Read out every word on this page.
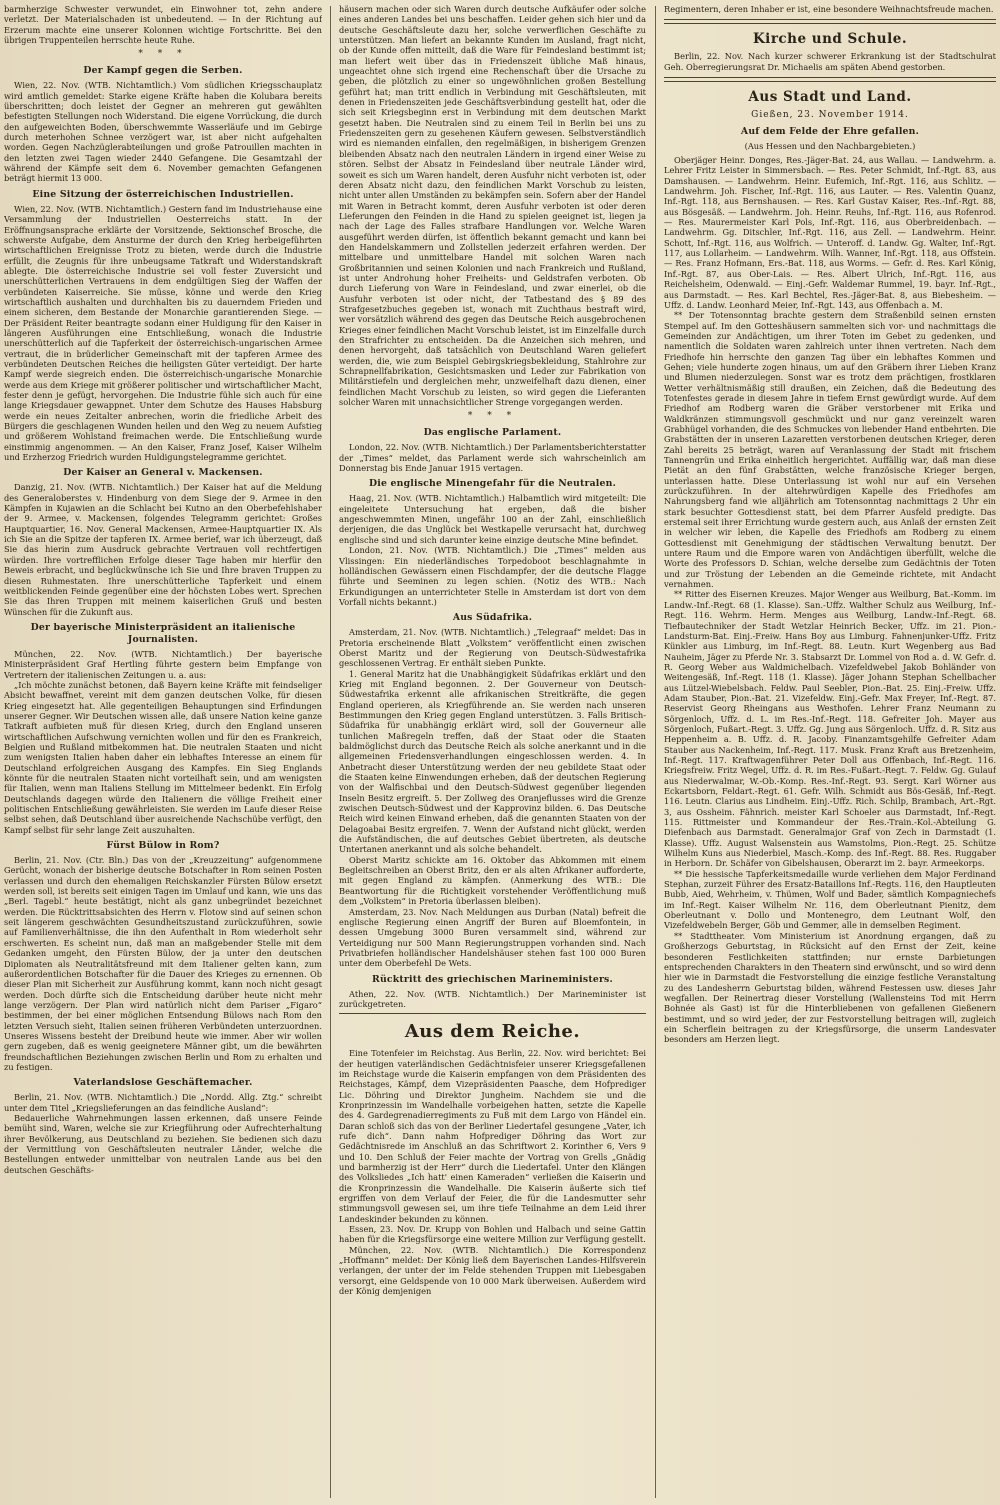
barmherzige Schwester verwundet, ein Einwohner tot, zehn andere verletzt. Der Materialschaden ist unbedeutend. — In der Richtung auf Erzerum machte eine unserer Kolonnen wichtige Fortschritte. Bei den übrigen Truppenteilen herrschte heute Ruhe.

* * *
Der Kampf gegen die Serben.

Wien, 22. Nov. (WTB. Nichtamtlich.) Vom südlichen Kriegsschauplatz wird amtlich gemeldet: Starke eigene Kräfte haben die Kolubara bereits überschritten; doch leistet der Gegner an mehreren gut gewählten befestigten Stellungen noch Widerstand. Die eigene Vorrückung, die durch den aufgeweichten Boden, überschwemmte Wasserläufe und im Gebirge durch meterhohen Schnee verzögert war, ist aber nicht aufgehalten worden. Gegen Nachzüglerabteilungen und große Patrouillen machten in den letzten zwei Tagen wieder 2440 Gefangene. Die Gesamtzahl der während der Kämpfe seit dem 6. November gemachten Gefangenen beträgt hiermit 13 000.

Eine Sitzung der österreichischen Industriellen.

Wien, 22. Nov. (WTB. Nichtamtlich.) Gestern fand im Industriehause eine Versammlung der Industriellen Oesterreichs statt. In der Eröffnungsansprache erklärte der Vorsitzende, Sektionschef Brosche, die schwerste Aufgabe, dem Ansturme der durch den Krieg herbeigeführten wirtschaftlichen Ereignisse Trotz zu bieten, werde durch die Industrie erfüllt, die Zeugnis für ihre unbeugsame Tatkraft und Widerstandskraft ablegte. Die österreichische Industrie sei voll fester Zuversicht und unerschütterlichen Vertrauens in dem endgültigen Sieg der Waffen der verbündeten Kaiserreiche. Sie müsse, könne und werde den Krieg wirtschaftlich aushalten und durchhalten bis zu dauerndem Frieden und einem sicheren, dem Bestande der Monarchie garantierenden Siege. — Der Präsident Reiter beantragte sodann einer Huldigung für den Kaiser in längeren Ausführungen eine Entschließung, wonach die Industrie unerschütterlich auf die Tapferkeit der österreichisch-ungarischen Armee vertraut, die in brüderlicher Gemeinschaft mit der tapferen Armee des verbündeten Deutschen Reiches die heiligsten Güter verteidigt. Der harte Kampf werde siegreich enden. Die österreichisch-ungarische Monarchie werde aus dem Kriege mit größerer politischer und wirtschaftlicher Macht, fester denn je gefügt, hervorgehen. Die Industrie fühle sich auch für eine lange Kriegsdauer gewappnet. Unter dem Schutze des Hauses Habsburg werde ein neues Zeitalter anbrechen, worin die friedliche Arbeit des Bürgers die geschlagenen Wunden heilen und den Weg zu neuem Aufstieg und größerem Wohlstand freimachen werde. Die Entschließung wurde einstimmig angenommen. — An den Kaiser, Franz Josef, Kaiser Wilhelm und Erzherzog Friedrich wurden Huldigungstelegramme gerichtet.

Der Kaiser an General v. Mackensen.

Danzig, 21. Nov. (WTB. Nichtamtlich.) Der Kaiser hat auf die Meldung des Generaloberstes v. Hindenburg von dem Siege der 9. Armee in den Kämpfen in Kujawien an die Schlacht bei Kutno an den Oberbefehlshaber der 9. Armee, v. Mackensen, folgendes Telegramm gerichtet: Großes Hauptquartier, 16. Nov. General Mackensen, Armee-Hauptquartier IX. Als ich Sie an die Spitze der tapferen IX. Armee berief, war ich überzeugt, daß Sie das hierin zum Ausdruck gebrachte Vertrauen voll rechtfertigen würden. Ihre vortrefflichen Erfolge dieser Tage haben mir hierfür den Beweis erbracht, und beglückwünsche ich Sie und Ihre braven Truppen zu diesen Ruhmestaten. Ihre unerschütterliche Tapferkeit und einem weitblickenden Feinde gegenüber eine der höchsten Lobes wert. Sprechen Sie das Ihren Truppen mit meinem kaiserlichen Gruß und besten Wünschen für die Zukunft aus.

Der bayerische Ministerpräsident an italienische Journalisten.

München, 22. Nov. (WTB. Nichtamtlich.) Der bayerische Ministerpräsident Graf Hertling führte gestern beim Empfange von Vertretern der italienischen Zeitungen u. a. aus:

„Ich möchte zunächst betonen, daß Bayern keine Kräfte mit feindseliger Absicht bewaffnet, vereint mit dem ganzen deutschen Volke, für diesen Krieg eingesetzt hat. Alle gegenteiligen Behauptungen sind Erfindungen unserer Gegner. Wir Deutschen wissen alle, daß unsere Nation keine ganze Tatkraft aufbieten muß für diesen Krieg, durch den England unseren wirtschaftlichen Aufschwung vernichten wollen und für den es Frankreich, Belgien und Rußland mitbekommen hat. Die neutralen Staaten und nicht zum wenigsten Italien haben daher ein lebhaftes Interesse an einem für Deutschland erfolgreichen Ausgang des Kampfes. Ein Sieg Englands könnte für die neutralen Staaten nicht vorteilhaft sein, und am wenigsten für Italien, wenn man Italiens Stellung im Mittelmeer bedenkt. Ein Erfolg Deutschlands dagegen würde den Italienern die völlige Freiheit einer politischen Entschließung gewährleisten. Sie werden im Laufe dieser Reise selbst sehen, daß Deutschland über ausreichende Nachschübe verfügt, den Kampf selbst für sehr lange Zeit auszuhalten.

Fürst Bülow in Rom?

Berlin, 21. Nov. (Ctr. Bln.) Das von der „Kreuzzeitung“ aufgenommene Gerücht, wonach der bisherige deutsche Botschafter in Rom seinen Posten verlassen und durch den ehemaligen Reichskanzler Fürsten Bülow ersetzt werden soll, ist bereits seit einigen Tagen im Umlauf und kann, wie uns das „Berl. Tagebl.“ heute bestätigt, nicht als ganz unbegründet bezeichnet werden. Die Rücktrittsabsichten des Herrn v. Flotow sind auf seinen schon seit längerem geschwächten Gesundheitszustand zurückzuführen, sowie auf Familienverhältnisse, die ihn den Aufenthalt in Rom wiederholt sehr erschwerten. Es scheint nun, daß man an maßgebender Stelle mit dem Gedanken umgeht, den Fürsten Bülow, der ja unter den deutschen Diplomaten als Neutralitätsfreund mit dem Italiener gelten kann, zum außerordentlichen Botschafter für die Dauer des Krieges zu ernennen. Ob dieser Plan mit Sicherheit zur Ausführung kommt, kann noch nicht gesagt werden. Doch dürfte sich die Entscheidung darüber heute nicht mehr lange verzögern. Der Plan wird natürlich nicht dem Pariser „Figaro“ bestimmen, der bei einer möglichen Entsendung Bülows nach Rom den letzten Versuch sieht, Italien seinen früheren Verbündeten unterzuordnen. Unseres Wissens besteht der Dreibund heute wie immer. Aber wir wollen gern zugeben, daß es wenig geeignetere Männer gibt, um die bewährten freundschaftlichen Beziehungen zwischen Berlin und Rom zu erhalten und zu festigen.

Vaterlandslose Geschäftemacher.

Berlin, 21. Nov. (WTB. Nichtamtlich.) Die „Nordd. Allg. Ztg.“ schreibt unter dem Titel „Kriegslieferungen an das feindliche Ausland“:

Bedauerliche Wahrnehmungen lassen erkennen, daß unsere Feinde bemüht sind, Waren, welche sie zur Kriegführung oder Aufrechterhaltung ihrer Bevölkerung, aus Deutschland zu beziehen. Sie bedienen sich dazu der Vermittlung von Geschäftsleuten neutraler Länder, welche die Bestellungen entweder unmittelbar von neutralen Lande aus bei den deutschen Geschäfts-

häusern machen oder sich Waren durch deutsche Aufkäufer oder solche eines anderen Landes bei uns beschaffen. Leider gehen sich hier und da deutsche Geschäftsleute dazu her, solche verwerflichen Geschäfte zu unterstützen. Man liefert an bekannte Kunden im Ausland, fragt nicht, ob der Kunde offen mitteilt, daß die Ware für Feindesland bestimmt ist; man liefert weit über das in Friedenszeit übliche Maß hinaus, ungeachtet ohne sich irgend eine Rechenschaft über die Ursache zu geben, die plötzlich zu einer so ungewöhnlichen großen Bestellung geführt hat; man tritt endlich in Verbindung mit Geschäftsleuten, mit denen in Friedenszeiten jede Geschäftsverbindung gestellt hat, oder die sich seit Kriegsbeginn erst in Verbindung mit dem deutschen Markt gesetzt haben. Die Neutralen sind zu einem Teil in Berlin bei uns zu Friedenszeiten gern zu gesehenen Käufern gewesen. Selbstverständlich wird es niemanden einfallen, den regelmäßigen, in bisherigem Grenzen bleibenden Absatz nach den neutralen Ländern in irgend einer Weise zu stören. Selbst der Absatz in Feindesland über neutrale Länder wird, soweit es sich um Waren handelt, deren Ausfuhr nicht verboten ist, oder deren Absatz nicht dazu, den feindlichen Markt Vorschub zu leisten, nicht unter allen Umständen zu bekämpfen sein. Sofern aber der Handel mit Waren in Betracht kommt, deren Ausfuhr verboten ist oder deren Lieferungen den Feinden in die Hand zu spielen geeignet ist, liegen ja nach der Lage des Falles strafbare Handlungen vor. Welche Waren ausgeführt werden dürfen, ist öffentlich bekannt gemacht und kann bei den Handelskammern und Zollstellen jederzeit erfahren werden. Der mittelbare und unmittelbare Handel mit solchen Waren nach Großbritannien und seinen Kolonien und nach Frankreich und Rußland, ist unter Androhung hoher Freiheits- und Geldstrafen verboten. Ob durch Lieferung von Ware in Feindesland, und zwar einerlei, ob die Ausfuhr verboten ist oder nicht, der Tatbestand des § 89 des Strafgesetzbuches gegeben ist, wonach mit Zuchthaus bestraft wird, wer vorsätzlich während des gegen das Deutsche Reich ausgebrochenen Krieges einer feindlichen Macht Vorschub leistet, ist im Einzelfalle durch den Strafrichter zu entscheiden. Da die Anzeichen sich mehren, und denen hervorgeht, daß tatsächlich von Deutschland Waren geliefert werden, die, wie zum Beispiel Gebirgskriegsbekleidung, Stahlrohre zur Schrapnellfabrikation, Gesichtsmasken und Leder zur Fabrikation von Militärstiefeln und dergleichen mehr, unzweifelhaft dazu dienen, einer feindlichen Macht Vorschub zu leisten, so wird gegen die Lieferanten solcher Waren mit unnachsichtlicher Strenge vorgegangen werden.

* * *
Das englische Parlament.

London, 22. Nov. (WTB. Nichtamtlich.) Der Parlamentsberichterstatter der „Times“ meldet, das Parlament werde sich wahrscheinlich am Donnerstag bis Ende Januar 1915 vertagen.

Die englische Minengefahr für die Neutralen.

Haag, 21. Nov. (WTB. Nichtamtlich.) Halbamtlich wird mitgeteilt: Die eingeleitete Untersuchung hat ergeben, daß die bisher angeschwemmten Minen, ungefähr 100 an der Zahl, einschließlich derjenigen, die das Unglück bei Westkapelle verursacht hat, durchweg englische sind und sich darunter keine einzige deutsche Mine befindet.

London, 21. Nov. (WTB. Nichtamtlich.) Die „Times“ melden aus Vlissingen: Ein niederländisches Torpedoboot beschlagnahmte in holländischen Gewässern einen Fischdampfer, der die deutsche Flagge führte und Seeminen zu legen schien. (Notiz des WTB.: Nach Erkundigungen an unterrichteter Stelle in Amsterdam ist dort von dem Vorfall nichts bekannt.)

Aus Südafrika.

Amsterdam, 21. Nov. (WTB. Nichtamtlich.) „Telegraaf“ meldet: Das in Pretoria erscheinende Blatt „Volkstem“ veröffentlicht einen zwischen Oberst Maritz und der Regierung von Deutsch-Südwestafrika geschlossenen Vertrag. Er enthält sieben Punkte.

1. General Maritz hat die Unabhängigkeit Südafrikas erklärt und den Krieg mit England begonnen. 2. Der Gouverneur von Deutsch-Südwestafrika erkennt alle afrikanischen Streitkräfte, die gegen England operieren, als Kriegführende an. Sie werden nach unseren Bestimmungen den Krieg gegen England unterstützen. 3. Falls Britisch-Südafrika für unabhängig erklärt wird, soll der Gouverneur alle tunlichen Maßregeln treffen, daß der Staat oder die Staaten baldmöglichst durch das Deutsche Reich als solche anerkannt und in die allgemeinen Friedensverhandlungen eingeschlossen werden. 4. In Anbetracht dieser Unterstützung werden der neu gebildete Staat oder die Staaten keine Einwendungen erheben, daß der deutschen Regierung von der Walfischbai und den Deutsch-Südwest gegenüber liegenden Inseln Besitz ergreift. 5. Der Zollweg des Oranjeflusses wird die Grenze zwischen Deutsch-Südwest und der Kapprovinz bilden. 6. Das Deutsche Reich wird keinen Einwand erheben, daß die genannten Staaten von der Delagoabai Besitz ergreifen. 7. Wenn der Aufstand nicht glückt, werden die Aufständischen, die auf deutsches Gebiet übertreten, als deutsche Untertanen anerkannt und als solche behandelt.

Oberst Maritz schickte am 16. Oktober das Abkommen mit einem Begleitschreiben an Oberst Britz, den er als alten Afrikaner aufforderte, mit gegen England zu kämpfen. (Anmerkung des WTB.: Die Beantwortung für die Richtigkeit vorstehender Veröffentlichung muß dem „Volkstem“ in Pretoria überlassen bleiben).

Amsterdam, 23. Nov. Nach Meldungen aus Durban (Natal) befreit die englische Regierung einen Angriff der Buren auf Bloemfontein, in dessen Umgebung 3000 Buren versammelt sind, während zur Verteidigung nur 500 Mann Regierungstruppen vorhanden sind. Nach Privatbriefen holländischer Handelshäuser stehen fast 100 000 Buren unter dem Oberbefehl De Wets.

Rücktritt des griechischen Marineministers.

Athen, 22. Nov. (WTB. Nichtamtlich.) Der Marineminister ist zurückgetreten.

Aus dem Reiche.

Eine Totenfeier im Reichstag. Aus Berlin, 22. Nov. wird berichtet: Bei der heutigen vaterländischen Gedächtnisfeier unserer Kriegsgefallenen im Reichstage wurde die Kaiserin empfangen von dem Präsidenten des Reichstages, Kämpf, dem Vizepräsidenten Paasche, dem Hofprediger Lic. Döhring und Direktor Jungheim. Nachdem sie und die Kronprinzessin im Wandelhalle vorbeigehen hatten, setzte die Kapelle des 4. Gardegrenadierregiments zu Fuß mit dem Largo von Händel ein. Daran schloß sich das von der Berliner Liedertafel gesungene „Vater, ich rufe dich“. Dann nahm Hofprediger Döhring das Wort zur Gedächtnisrede im Anschluß an das Schriftwort 2. Korinther 6, Vers 9 und 10. Den Schluß der Feier machte der Vortrag von Grells „Gnädig und barmherzig ist der Herr“ durch die Liedertafel. Unter den Klängen des Volksliedes „Ich hatt' einen Kameraden“ verließen die Kaiserin und die Kronprinzessin die Wandelhalle. Die Kaiserin äußerte sich tief ergriffen von dem Verlauf der Feier, die für die Landesmutter sehr stimmungsvoll gewesen sei, um ihre tiefe Teilnahme an dem Leid ihrer Landeskinder bekunden zu können.

Essen, 23. Nov. Dr. Krupp von Bohlen und Halbach und seine Gattin haben für die Kriegsfürsorge eine weitere Million zur Verfügung gestellt.

München, 22. Nov. (WTB. Nichtamtlich.) Die Korrespondenz „Hoffmann“ meldet: Der König ließ dem Bayerischen Landes-Hilfsverein verlangen, der unter der im Felde stehenden Truppen mit Liebesgaben versorgt, eine Geldspende von 10 000 Mark überweisen. Außerdem wird der König demjenigen

Regimentern, deren Inhaber er ist, eine besondere Weihnachtsfreude machen.

Kirche und Schule.

Berlin, 22. Nov. Nach kurzer schwerer Erkrankung ist der Stadtschulrat Geh. Oberregierungsrat Dr. Michaelis am späten Abend gestorben.

Aus Stadt und Land.
Gießen, 23. November 1914.
Auf dem Felde der Ehre gefallen.
(Aus Hessen und den Nachbargebieten.)

Oberjäger Heinr. Donges, Res.-Jäger-Bat. 24, aus Wallau. — Landwehrm. a. Lehrer Fritz Leister in Simmersbach. — Res. Peter Schmidt, Inf.-Rgt. 83, aus Damshausen. — Landwehrm. Heinr. Eufemich, Inf.-Rgt. 116, aus Schlitz. — Landwehrm. Joh. Fischer, Inf.-Rgt. 116, aus Lauter. — Res. Valentin Quanz, Inf.-Rgt. 118, aus Bernshausen. — Res. Karl Gustav Kaiser, Res.-Inf.-Rgt. 88, aus Bösgesäß. — Landwehrm. Joh. Heinr. Reuhs, Inf.-Rgt. 116, aus Rofenrod. — Res. Maurermeister Karl Pols, Inf.-Rgt. 116, aus Oberbreidenbach. — Landwehrm. Gg. Ditschler, Inf.-Rgt. 116, aus Zell. — Landwehrm. Heinr. Schott, Inf.-Rgt. 116, aus Wolfrich. — Unteroff. d. Landw. Gg. Walter, Inf.-Rgt. 117, aus Lollarheim. — Landwehrm. Wilh. Wanner, Inf.-Rgt. 118, aus Offstein. — Res. Franz Hofmann, Ers.-Bat. 118, aus Worms. — Gefr. d. Res. Karl König, Inf.-Rgt. 87, aus Ober-Lais. — Res. Albert Ulrich, Inf.-Rgt. 116, aus Reichelsheim, Odenwald. — Einj.-Gefr. Waldemar Rummel, 19. bayr. Inf.-Rgt., aus Darmstadt. — Res. Karl Bechtel, Res.-Jäger-Bat. 8, aus Biebesheim. — Uffz. d. Landw. Leonhard Meier, Inf.-Rgt. 143, aus Offenbach a. M.

** Der Totensonntag brachte gestern dem Straßenbild seinen ernsten Stempel auf. Im den Gotteshäusern sammelten sich vor- und nachmittags die Gemeinden zur Andächtigen, um ihrer Toten im Gebet zu gedenken, und namentlich die Soldaten waren zahlreich unter ihnen vertreten. Nach dem Friedhofe hin herrschte den ganzen Tag über ein lebhaftes Kommen und Gehen; viele hunderte zogen hinaus, um auf den Gräbern ihrer Lieben Kranz und Blumen niederzulegen. Sonst war es trotz dem prächtigen, frostklaren Wetter verhältnismäßig still draußen, ein Zeichen, daß die Bedeutung des Totenfestes gerade in diesem Jahre in tiefem Ernst gewürdigt wurde. Auf dem Friedhof am Rodberg waren die Gräber verstorbener mit Erika und Waldkränzen stimmungsvoll geschmückt und nur ganz vereinzelt waren Grabhügel vorhanden, die des Schmuckes von liebender Hand entbehrten. Die Grabstätten der in unseren Lazaretten verstorbenen deutschen Krieger, deren Zahl bereits 25 beträgt, waren auf Veranlassung der Stadt mit frischem Tannengrün und Erika einheitlich hergerichtet. Auffällig war, daß man diese Pietät an den fünf Grabstätten, welche französische Krieger bergen, unterlassen hatte. Diese Unterlassung ist wohl nur auf ein Versehen zurückzuführen. In der altehrwürdigen Kapelle des Friedhofes am Nahrungsberg fand wie alljährlich am Totensonntag nachmittags 2 Uhr ein stark besuchter Gottesdienst statt, bei dem Pfarrer Ausfeld predigte. Das erstemal seit ihrer Errichtung wurde gestern auch, aus Anlaß der ernsten Zeit in welcher wir leben, die Kapelle des Friedhofs am Rodberg zu einem Gottesdienst mit Genehmigung der städtischen Verwaltung benutzt. Der untere Raum und die Empore waren von Andächtigen überfüllt, welche die Worte des Professors D. Schian, welche derselbe zum Gedächtnis der Toten und zur Tröstung der Lebenden an die Gemeinde richtete, mit Andacht vernahmen.

** Ritter des Eisernen Kreuzes. Major Wenger aus Weilburg, Bat.-Komm. im Landw.-Inf.-Regt. 68 (1. Klasse). San.-Uffz. Walther Schulz aus Weilburg, Inf.-Regt. 116. Wehrm. Herm. Menges aus Weilburg, Landw.-Inf.-Regt. 68. Tiefbautechniker der Stadt Wetzlar Heinrich Becker, Uffz. im 21. Pion.-Landsturm-Bat. Einj.-Freiw. Hans Boy aus Limburg. Fahnenjunker-Uffz. Fritz Künkler aus Limburg, im Inf.-Regt. 88. Leutn. Kurt Wegenberg aus Bad Nauheim, Jäger zu Pferde Nr. 3. Stabsarzt Dr. Lommel von Rod a. d. W. Gefr. d. R. Georg Weber aus Waldmichelbach. Vizefeldwebel Jakob Bohländer von Weitengesäß, Inf.-Regt. 118 (1. Klasse). Jäger Johann Stephan Schellbacher aus Lützel-Wiebelsbach. Feldw. Paul Seebler, Pion.-Bat. 25. Einj.-Freiw. Uffz. Adam Stauber, Pion.-Bat. 21. Vizefeldw. Einj.-Gefr. Max Freyer, Inf.-Regt. 87. Reservist Georg Rheingans aus Westhofen. Lehrer Franz Neumann zu Sörgenloch, Uffz. d. L. im Res.-Inf.-Regt. 118. Gefreiter Joh. Mayer aus Sörgenloch, Fußart.-Regt. 3. Uffz. Gg. Jung aus Sörgenloch. Uffz. d. R. Sitz aus Heppenheim a. B. Uffz. d. R. Jacoby. Finanzamtsgehilfe Gefreiter Adam Stauber aus Nackenheim, Inf.-Regt. 117. Musk. Franz Kraft aus Bretzenheim, Inf.-Regt. 117. Kraftwagenführer Peter Doll aus Offenbach, Inf.-Regt. 116. Kriegsfreiw. Fritz Wegel, Uffz. d. R. im Res.-Fußart.-Regt. 7. Feldw. Gg. Gulauf aus Niederwalmar, W.-Ob.-Komp. Res.-Inf.-Regt. 93. Sergt. Karl Wörner aus Eckartsborn, Feldart.-Regt. 61. Gefr. Wilh. Schmidt aus Bös-Gesäß, Inf.-Regt. 116. Leutn. Clarius aus Lindheim. Einj.-Uffz. Rich. Schilp, Brambach, Art.-Rgt. 3, aus Ossheim. Fähnrich. meister Karl Schoeler aus Darmstadt, Inf.-Regt. 115. Rittmeister und Kommandeur der Res.-Train.-Kol.-Abteilung G. Diefenbach aus Darmstadt. Generalmajor Graf von Zech in Darmstadt (1. Klasse). Uffz. August Walsenstein aus Wamstolms, Pion.-Regt. 25. Schütze Wilhelm Kuns aus Niederbiel, Masch.-Komp. des Inf.-Regt. 88. Res. Ruggaber in Herborn. Dr. Schäfer von Gibelshausen, Oberarzt im 2. bayr. Armeekorps.

** Die hessische Tapferkeitsmedaille wurde verliehen dem Major Ferdinand Stephan, zurzeit Führer des Ersatz-Bataillons Inf.-Regts. 116, den Hauptleuten Bubb, Aied, Wehrheim, v. Thümen, Wolf und Bader, sämtlich Kompagniechefs im Inf.-Regt. Kaiser Wilhelm Nr. 116, dem Oberleutnant Pienitz, dem Oberleutnant v. Dollo und Montenegro, dem Leutnant Wolf, den Vizefeldwebeln Berger, Göb und Gemmer, alle in demselben Regiment.

** Stadttheater. Vom Ministerium ist Anordnung ergangen, daß zu Großherzogs Geburtstag, in Rücksicht auf den Ernst der Zeit, keine besonderen Festlichkeiten stattfinden; nur ernste Darbietungen entsprechenden Charakters in den Theatern sind erwünscht, und so wird denn hier wie in Darmstadt die Festvorstellung die einzige festliche Veranstaltung zu des Landesherrn Geburtstag bilden, während Festessen usw. dieses Jahr wegfallen. Der Reinertrag dieser Vorstellung (Wallensteins Tod mit Herrn Bohnée als Gast) ist für die Hinterbliebenen von gefallenen Gießenern bestimmt, und so wird jeder, der zur Festvorstellung beitragen will, zugleich ein Scherflein beitragen zu der Kriegsfürsorge, die unserm Landesvater besonders am Herzen liegt.
